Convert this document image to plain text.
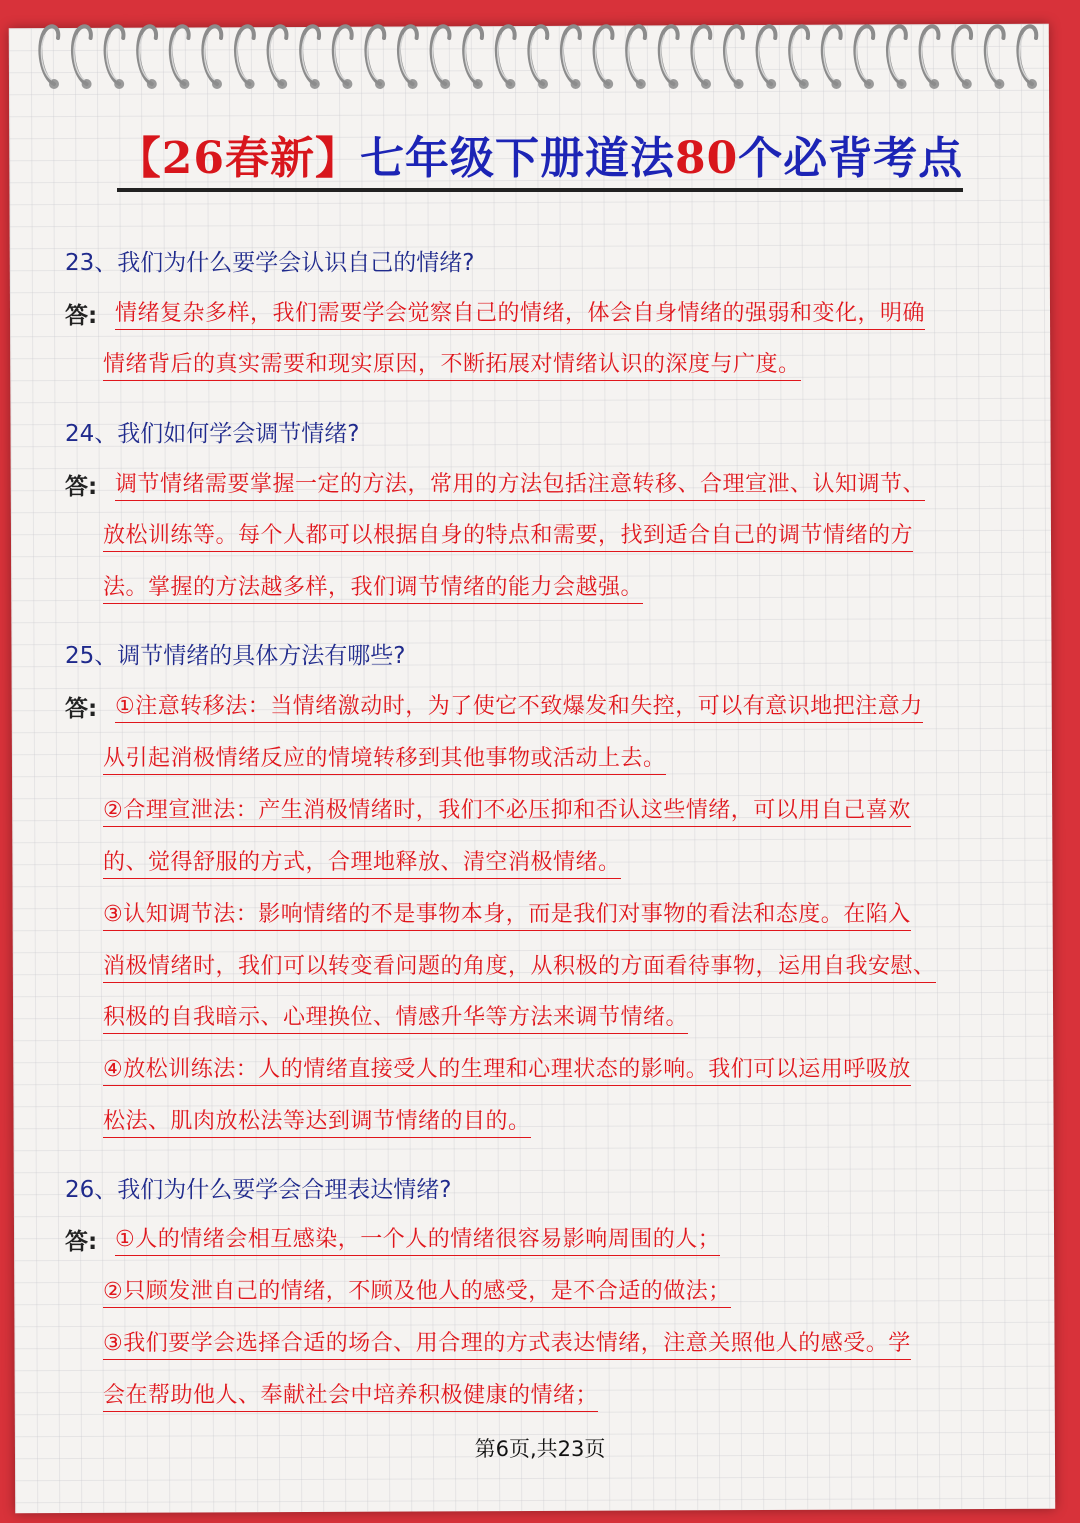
【26春新】七年级下册道法80个必背考点
23、我们为什么要学会认识自己的情绪?
答: 情绪复杂多样，我们需要学会觉察自己的情绪，体会自身情绪的强弱和变化，明确
情绪背后的真实需要和现实原因，不断拓展对情绪认识的深度与广度。
24、我们如何学会调节情绪?
答: 调节情绪需要掌握一定的方法，常用的方法包括注意转移、合理宣泄、认知调节、
放松训练等。每个人都可以根据自身的特点和需要，找到适合自己的调节情绪的方
法。掌握的方法越多样，我们调节情绪的能力会越强。
25、调节情绪的具体方法有哪些?
答: ①注意转移法：当情绪激动时，为了使它不致爆发和失控，可以有意识地把注意力
从引起消极情绪反应的情境转移到其他事物或活动上去。
②合理宣泄法：产生消极情绪时，我们不必压抑和否认这些情绪，可以用自己喜欢
的、觉得舒服的方式，合理地释放、清空消极情绪。
③认知调节法：影响情绪的不是事物本身，而是我们对事物的看法和态度。在陷入
消极情绪时，我们可以转变看问题的角度，从积极的方面看待事物，运用自我安慰、
积极的自我暗示、心理换位、情感升华等方法来调节情绪。
④放松训练法：人的情绪直接受人的生理和心理状态的影响。我们可以运用呼吸放
松法、肌肉放松法等达到调节情绪的目的。
26、我们为什么要学会合理表达情绪?
答: ①人的情绪会相互感染，一个人的情绪很容易影响周围的人；
②只顾发泄自己的情绪，不顾及他人的感受，是不合适的做法；
③我们要学会选择合适的场合、用合理的方式表达情绪，注意关照他人的感受。学
会在帮助他人、奉献社会中培养积极健康的情绪；
第6页,共23页
